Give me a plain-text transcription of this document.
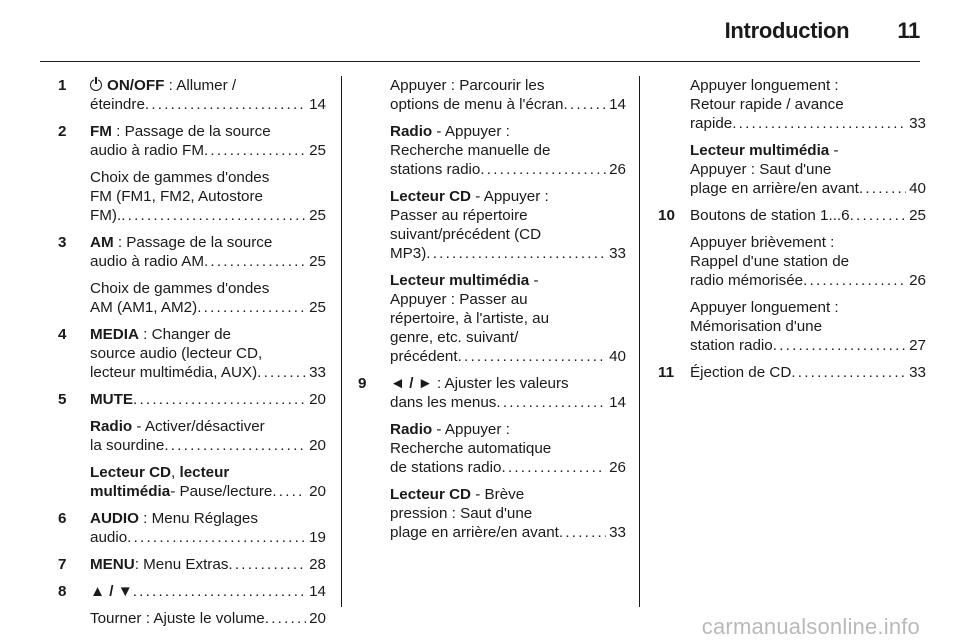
Introduction 11
1	ON/OFF : Allumer /
éteindre . . .	14
2	FM : Passage de la source
audio à radio FM . . .	25
Choix de gammes d'ondes
FM (FM1, FM2, Autostore
FM). . . .	25
3	AM : Passage de la source
audio à radio AM . . .	25
Choix de gammes d'ondes
AM (AM1, AM2) . . .	25
4	MEDIA : Changer de
source audio (lecteur CD,
lecteur multimédia, AUX) . . .	33
5	MUTE . . .	20
Radio - Activer/désactiver
la sourdine . . .	20
Lecteur CD, lecteur
multimédia - Pause/lecture . . . 20
6	AUDIO : Menu Réglages
audio . . .	19
7	MENU : Menu Extras . . .	28
8	▲ / ▼ . . .	14
Tourner : Ajuste le volume . . .	20
Appuyer : Parcourir les
options de menu à l'écran . . .	14
Radio - Appuyer :
Recherche manuelle de
stations radio . . .	26
Lecteur CD - Appuyer :
Passer au répertoire
suivant/précédent (CD
MP3) . . .	33
Lecteur multimédia -
Appuyer : Passer au
répertoire, à l'artiste, au
genre, etc. suivant/
précédent . . .	40
9	◄ / ► : Ajuster les valeurs
dans les menus . . .	14
Radio - Appuyer :
Recherche automatique
de stations radio . . .	26
Lecteur CD - Brève
pression : Saut d'une
plage en arrière/en avant . . .	33
Appuyer longuement :
Retour rapide / avance
rapide . . .	33
Lecteur multimédia -
Appuyer : Saut d'une
plage en arrière/en avant . . .	40
10 Boutons de station 1...6 . . .	25
Appuyer brièvement :
Rappel d'une station de
radio mémorisée . . .	26
Appuyer longuement :
Mémorisation d'une
station radio . . .	27
11	Éjection de CD . . .	33
carmanualsonline.info
